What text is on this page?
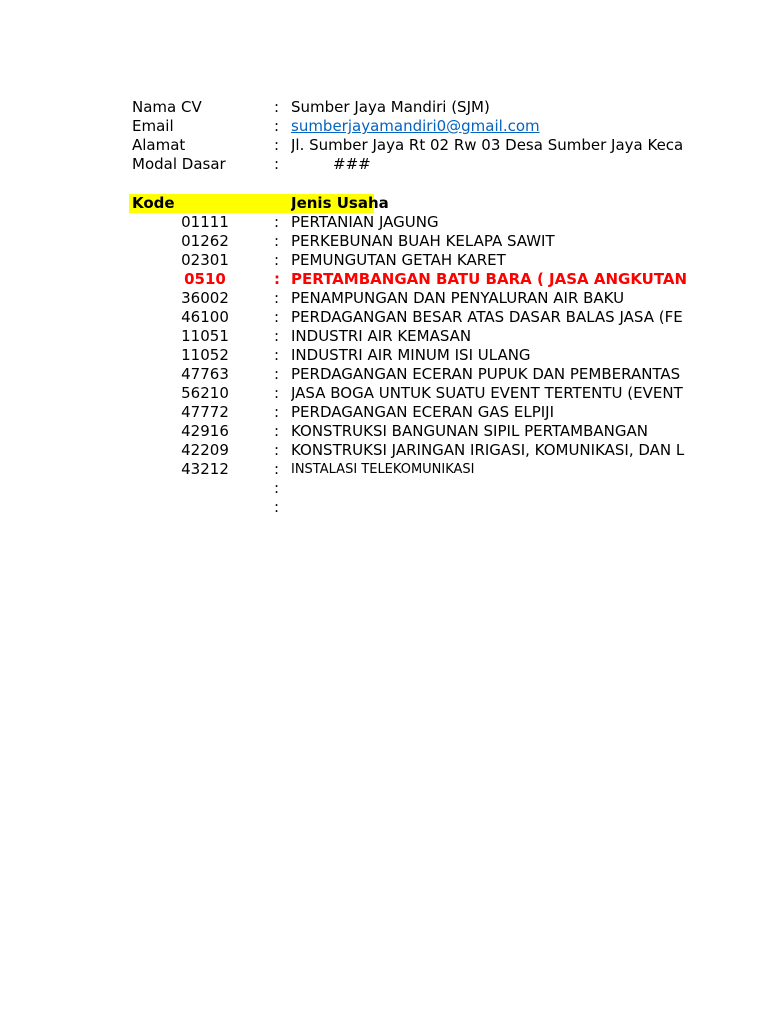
Nama CV	: Sumber Jaya Mandiri (SJM)
Email	: sumberjayamandiri0@gmail.com
Alamat	: Jl. Sumber Jaya Rt 02 Rw 03 Desa Sumber Jaya Keca
Modal Dasar	:	###
Kode	Jenis Usaha
01111	: PERTANIAN JAGUNG
01262	: PERKEBUNAN BUAH KELAPA SAWIT
02301	: PEMUNGUTAN GETAH KARET
0510	: PERTAMBANGAN BATU BARA ( JASA ANGKUTAN
36002	: PENAMPUNGAN DAN PENYALURAN AIR BAKU
46100	: PERDAGANGAN BESAR ATAS DASAR BALAS JASA (FE
11051	: INDUSTRI AIR KEMASAN
11052	: INDUSTRI AIR MINUM ISI ULANG
47763	: PERDAGANGAN ECERAN PUPUK DAN PEMBERANTAS
56210	: JASA BOGA UNTUK SUATU EVENT TERTENTU (EVENT
47772	: PERDAGANGAN ECERAN GAS ELPIJI
42916	: KONSTRUKSI BANGUNAN SIPIL PERTAMBANGAN
42209	: KONSTRUKSI JARINGAN IRIGASI, KOMUNIKASI, DAN L
43212	: INSTALASI TELEKOMUNIKASI
:
:
